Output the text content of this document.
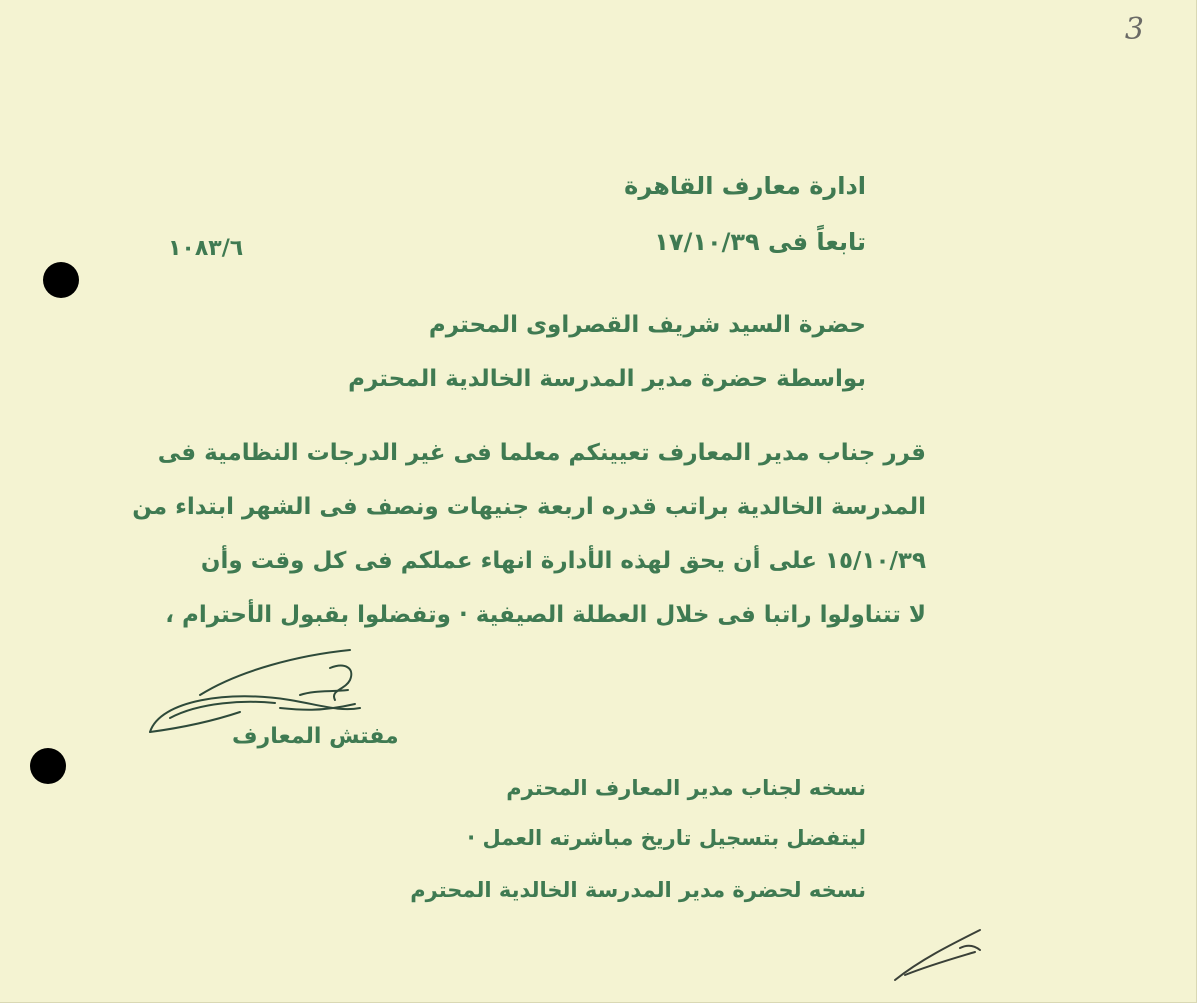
3
ادارة معارف القاهرة
تابعاً فى ١٧/١٠/٣٩
١٠٨٣/٦
حضرة السيد شريف القصراوى المحترم
بواسطة حضرة مدير المدرسة الخالدية المحترم
قرر جناب مدير المعارف تعيينكم معلما فى غير الدرجات النظامية فى
المدرسة الخالدية براتب قدره اربعة جنيهات ونصف فى الشهر ابتداء من
١٥/١٠/٣٩ على أن يحق لهذه الأدارة انهاء عملكم فى كل وقت وأن
لا تتناولوا راتبا فى خلال العطلة الصيفية · وتفضلوا بقبول الأحترام ،
مفتش المعارف
نسخه لجناب مدير المعارف المحترم
ليتفضل بتسجيل تاريخ مباشرته العمل ·
نسخه لحضرة مدير المدرسة الخالدية المحترم
